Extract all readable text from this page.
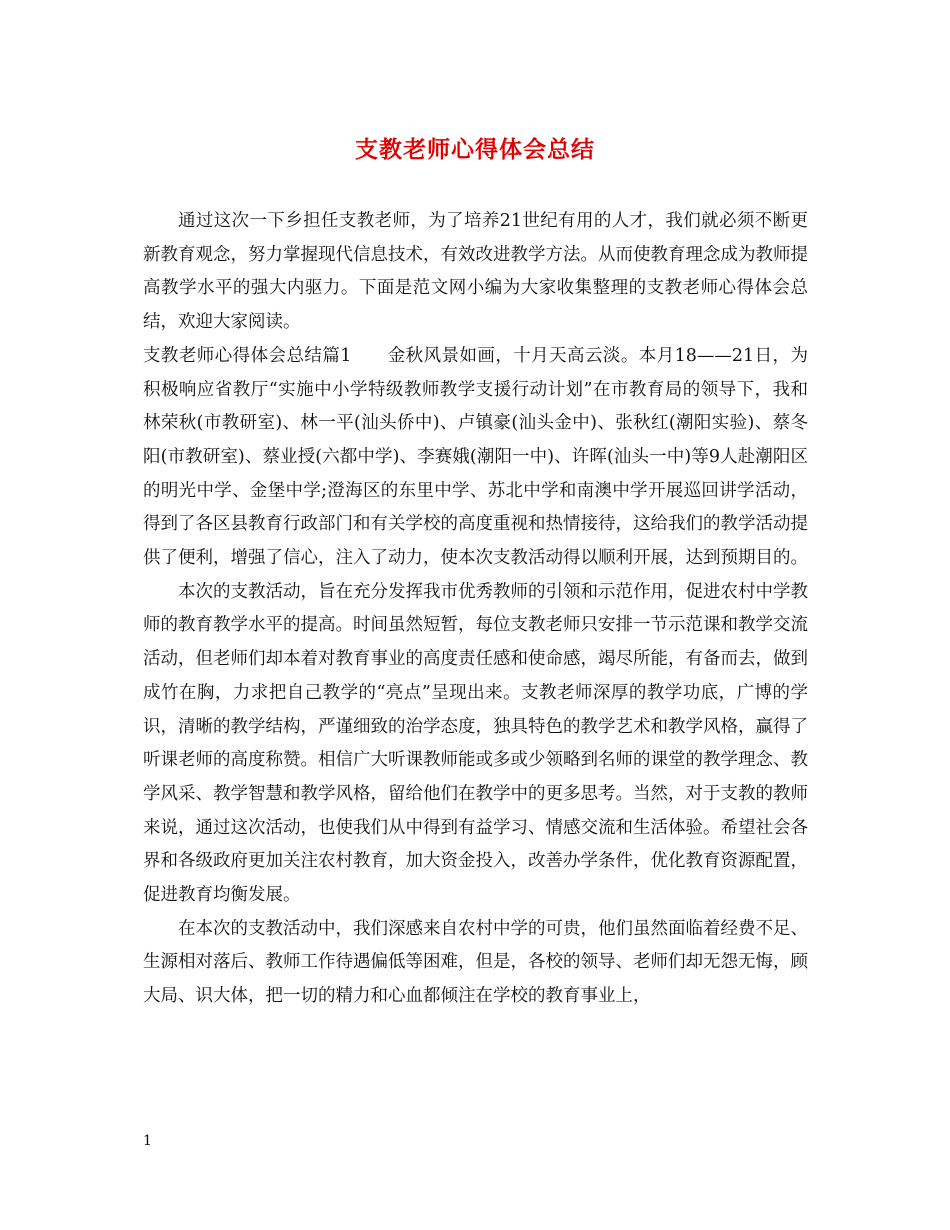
支教老师心得体会总结

通过这次一下乡担任支教老师，为了培养21世纪有用的人才，我们就必须不断更新教育观念，努力掌握现代信息技术，有效改进教学方法。从而使教育理念成为教师提高教学水平的强大内驱力。下面是范文网小编为大家收集整理的支教老师心得体会总结，欢迎大家阅读。

支教老师心得体会总结篇1　　金秋风景如画，十月天高云淡。本月18——21日，为积极响应省教厅“实施中小学特级教师教学支援行动计划”在市教育局的领导下，我和林荣秋(市教研室)、林一平(汕头侨中)、卢镇豪(汕头金中)、张秋红(潮阳实验)、蔡冬阳(市教研室)、蔡业授(六都中学)、李赛娥(潮阳一中)、许晖(汕头一中)等9人赴潮阳区的明光中学、金堡中学;澄海区的东里中学、苏北中学和南澳中学开展巡回讲学活动，得到了各区县教育行政部门和有关学校的高度重视和热情接待，这给我们的教学活动提供了便利，增强了信心，注入了动力，使本次支教活动得以顺利开展，达到预期目的。

本次的支教活动，旨在充分发挥我市优秀教师的引领和示范作用，促进农村中学教师的教育教学水平的提高。时间虽然短暂，每位支教老师只安排一节示范课和教学交流活动，但老师们却本着对教育事业的高度责任感和使命感，竭尽所能，有备而去，做到成竹在胸，力求把自己教学的“亮点”呈现出来。支教老师深厚的教学功底，广博的学识，清晰的教学结构，严谨细致的治学态度，独具特色的教学艺术和教学风格，赢得了听课老师的高度称赞。相信广大听课教师能或多或少领略到名师的课堂的教学理念、教学风采、教学智慧和教学风格，留给他们在教学中的更多思考。当然，对于支教的教师来说，通过这次活动，也使我们从中得到有益学习、情感交流和生活体验。希望社会各界和各级政府更加关注农村教育，加大资金投入，改善办学条件，优化教育资源配置，促进教育均衡发展。

在本次的支教活动中，我们深感来自农村中学的可贵，他们虽然面临着经费不足、生源相对落后、教师工作待遇偏低等困难，但是，各校的领导、老师们却无怨无悔，顾大局、识大体，把一切的精力和心血都倾注在学校的教育事业上，

1
